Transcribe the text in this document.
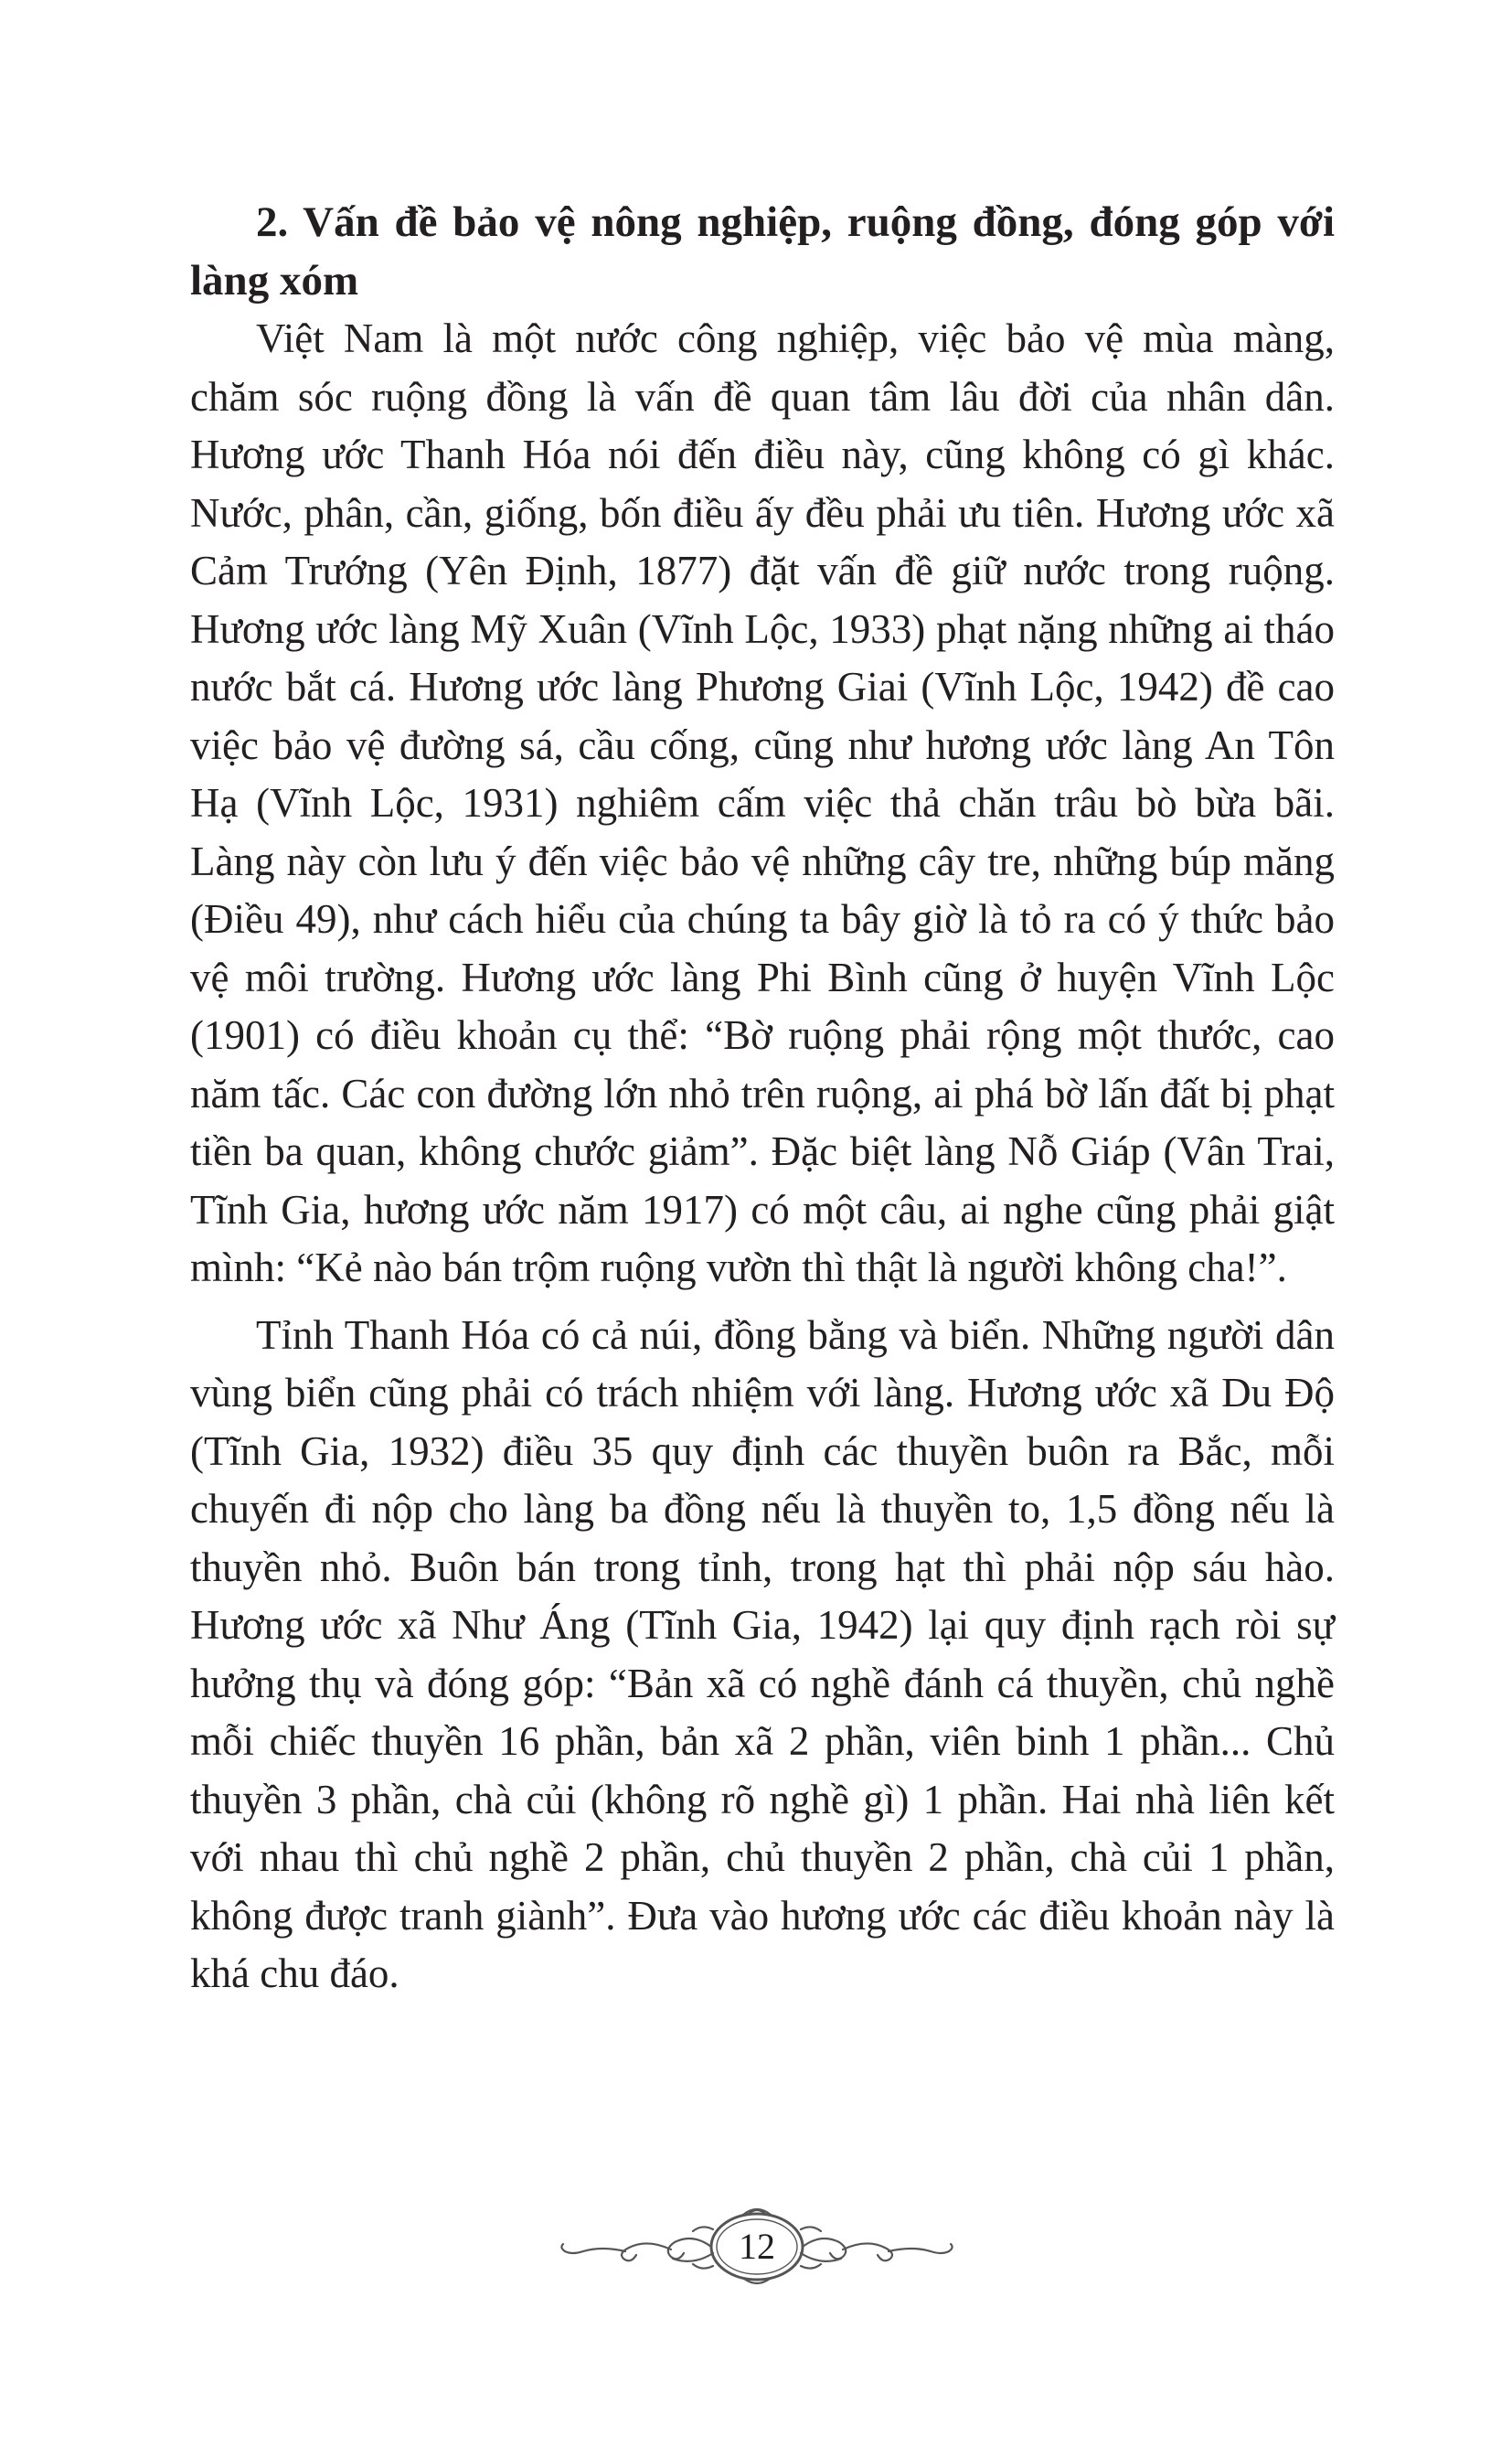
2. Vấn đề bảo vệ nông nghiệp, ruộng đồng, đóng góp với làng xóm

Việt Nam là một nước công nghiệp, việc bảo vệ mùa màng, chăm sóc ruộng đồng là vấn đề quan tâm lâu đời của nhân dân. Hương ước Thanh Hóa nói đến điều này, cũng không có gì khác. Nước, phân, cần, giống, bốn điều ấy đều phải ưu tiên. Hương ước xã Cảm Trướng (Yên Định, 1877) đặt vấn đề giữ nước trong ruộng. Hương ước làng Mỹ Xuân (Vĩnh Lộc, 1933) phạt nặng những ai tháo nước bắt cá. Hương ước làng Phương Giai (Vĩnh Lộc, 1942) đề cao việc bảo vệ đường sá, cầu cống, cũng như hương ước làng An Tôn Hạ (Vĩnh Lộc, 1931) nghiêm cấm việc thả chăn trâu bò bừa bãi. Làng này còn lưu ý đến việc bảo vệ những cây tre, những búp măng (Điều 49), như cách hiểu của chúng ta bây giờ là tỏ ra có ý thức bảo vệ môi trường. Hương ước làng Phi Bình cũng ở huyện Vĩnh Lộc (1901) có điều khoản cụ thể: “Bờ ruộng phải rộng một thước, cao năm tấc. Các con đường lớn nhỏ trên ruộng, ai phá bờ lấn đất bị phạt tiền ba quan, không chước giảm”. Đặc biệt làng Nỗ Giáp (Vân Trai, Tĩnh Gia, hương ước năm 1917) có một câu, ai nghe cũng phải giật mình: “Kẻ nào bán trộm ruộng vườn thì thật là người không cha!”.

Tỉnh Thanh Hóa có cả núi, đồng bằng và biển. Những người dân vùng biển cũng phải có trách nhiệm với làng. Hương ước xã Du Độ (Tĩnh Gia, 1932) điều 35 quy định các thuyền buôn ra Bắc, mỗi chuyến đi nộp cho làng ba đồng nếu là thuyền to, 1,5 đồng nếu là thuyền nhỏ. Buôn bán trong tỉnh, trong hạt thì phải nộp sáu hào. Hương ước xã Như Áng (Tĩnh Gia, 1942) lại quy định rạch ròi sự hưởng thụ và đóng góp: “Bản xã có nghề đánh cá thuyền, chủ nghề mỗi chiếc thuyền 16 phần, bản xã 2 phần, viên binh 1 phần... Chủ thuyền 3 phần, chà củi (không rõ nghề gì) 1 phần. Hai nhà liên kết với nhau thì chủ nghề 2 phần, chủ thuyền 2 phần, chà củi 1 phần, không được tranh giành”. Đưa vào hương ước các điều khoản này là khá chu đáo.

12
